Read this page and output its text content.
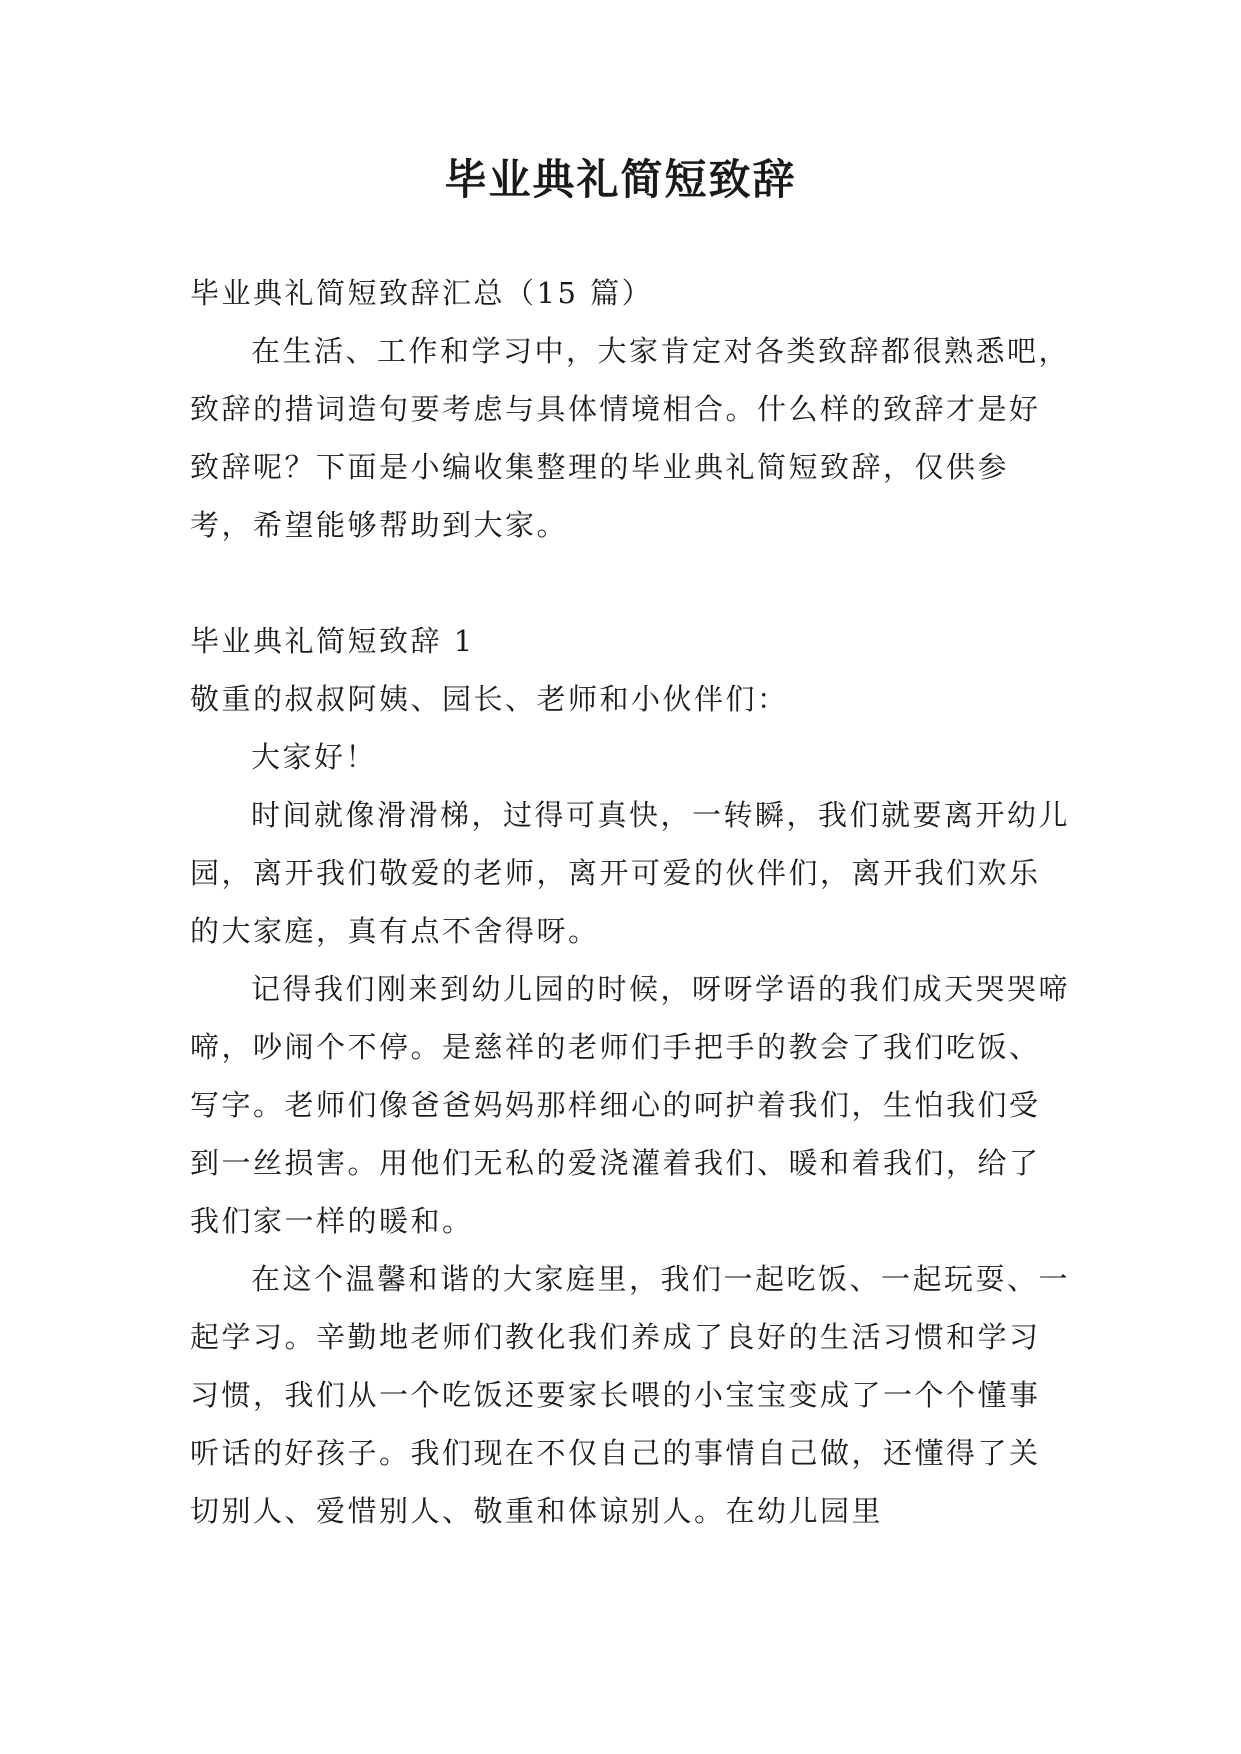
毕业典礼简短致辞

毕业典礼简短致辞汇总（15 篇）

在生活、工作和学习中，大家肯定对各类致辞都很熟悉吧，致辞的措词造句要考虑与具体情境相合。什么样的致辞才是好致辞呢？下面是小编收集整理的毕业典礼简短致辞，仅供参考，希望能够帮助到大家。

毕业典礼简短致辞 1

敬重的叔叔阿姨、园长、老师和小伙伴们：

大家好！

时间就像滑滑梯，过得可真快，一转瞬，我们就要离开幼儿园，离开我们敬爱的老师，离开可爱的伙伴们，离开我们欢乐的大家庭，真有点不舍得呀。

记得我们刚来到幼儿园的时候，呀呀学语的我们成天哭哭啼啼，吵闹个不停。是慈祥的老师们手把手的教会了我们吃饭、写字。老师们像爸爸妈妈那样细心的呵护着我们，生怕我们受到一丝损害。用他们无私的爱浇灌着我们、暖和着我们，给了我们家一样的暖和。

在这个温馨和谐的大家庭里，我们一起吃饭、一起玩耍、一起学习。辛勤地老师们教化我们养成了良好的生活习惯和学习习惯，我们从一个吃饭还要家长喂的小宝宝变成了一个个懂事听话的好孩子。我们现在不仅自己的事情自己做，还懂得了关切别人、爱惜别人、敬重和体谅别人。在幼儿园里
